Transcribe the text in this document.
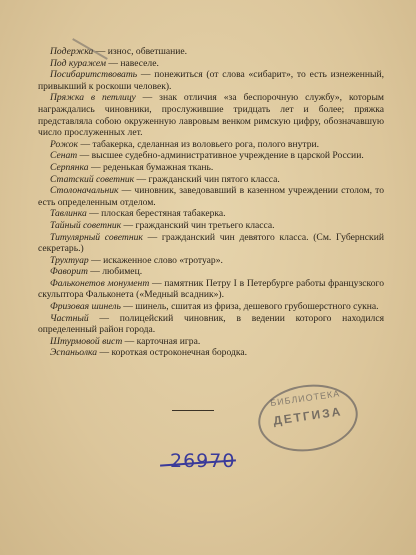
Подержка — износ, обветшание.

Под куражем — навеселе.

Посибаритствовать — понежиться (от слова «сибарит», то есть изнеженный, привыкший к роскоши человек).

Пряжка в петлицу — знак отличия «за беспорочную службу», которым награждались чиновники, прослужившие тридцать лет и более; пряжка представляла собою окруженную лавровым венком римскую цифру, обозначавшую число прослуженных лет.

Рожок — табакерка, сделанная из воловьего рога, полого внутри.

Сенат — высшее судебно-административное учреждение в царской России.

Серпянка — реденькая бумажная ткань.

Статский советник — гражданский чин пятого класса.

Столоначальник — чиновник, заведовавший в казенном учреждении столом, то есть определенным отделом.

Тавлинка — плоская берестяная табакерка.

Тайный советник — гражданский чин третьего класса.

Титулярный советник — гражданский чин девятого класса. (См. Губернский секретарь.)

Трухтуар — искаженное слово «тротуар».

Фаворит — любимец.

Фальконетов монумент — памятник Петру I в Петербурге работы французского скульптора Фальконета («Медный всадник»).

Фризовая шинель — шинель, сшитая из фриза, дешевого грубошерстного сукна.

Частный — полицейский чиновник, в ведении которого находился определенный район города.

Штурмовой вист — карточная игра.

Эспаньолка — короткая остроконечная бородка.

БИБЛИОТЕКА
ДЕТГИЗА
26970
